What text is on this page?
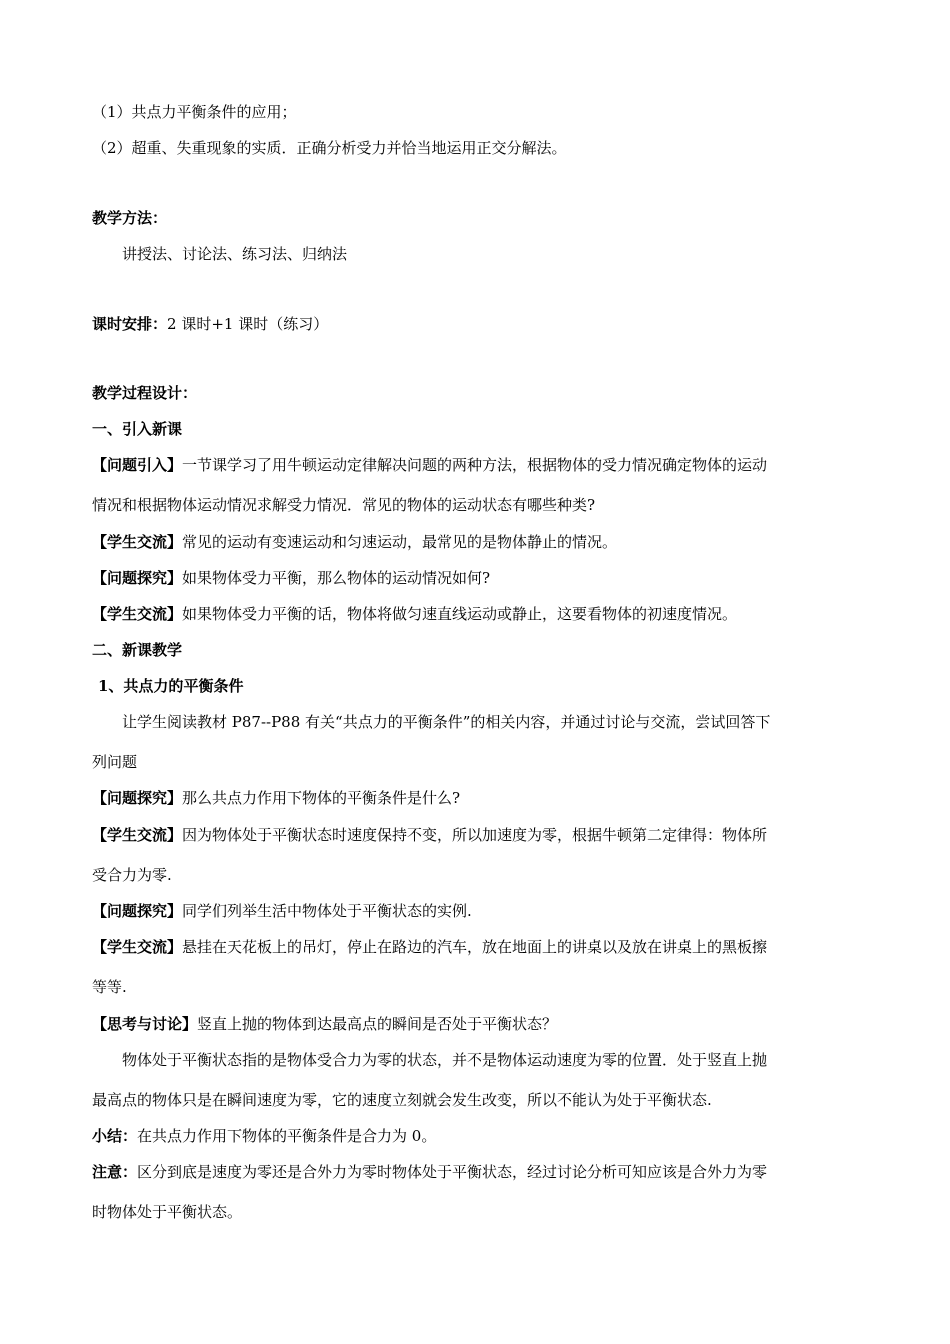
（1）共点力平衡条件的应用；
（2）超重、失重现象的实质．正确分析受力并恰当地运用正交分解法。
教学方法：
讲授法、讨论法、练习法、归纳法
课时安排：2 课时+1 课时（练习）
教学过程设计：
一、引入新课
【问题引入】一节课学习了用牛顿运动定律解决问题的两种方法，根据物体的受力情况确定物体的运动
情况和根据物体运动情况求解受力情况．常见的物体的运动状态有哪些种类?
【学生交流】常见的运动有变速运动和匀速运动，最常见的是物体静止的情况。
【问题探究】如果物体受力平衡，那么物体的运动情况如何?
【学生交流】如果物体受力平衡的话，物体将做匀速直线运动或静止，这要看物体的初速度情况。
二、新课教学
1、共点力的平衡条件
让学生阅读教材 P87--P88 有关“共点力的平衡条件”的相关内容，并通过讨论与交流，尝试回答下
列问题
【问题探究】那么共点力作用下物体的平衡条件是什么?
【学生交流】因为物体处于平衡状态时速度保持不变，所以加速度为零，根据牛顿第二定律得：物体所
受合力为零.
【问题探究】同学们列举生活中物体处于平衡状态的实例.
【学生交流】悬挂在天花板上的吊灯，停止在路边的汽车，放在地面上的讲桌以及放在讲桌上的黑板擦
等等.
【思考与讨论】竖直上抛的物体到达最高点的瞬间是否处于平衡状态？
物体处于平衡状态指的是物体受合力为零的状态，并不是物体运动速度为零的位置．处于竖直上抛
最高点的物体只是在瞬间速度为零，它的速度立刻就会发生改变，所以不能认为处于平衡状态.
小结：在共点力作用下物体的平衡条件是合力为 0。
注意：区分到底是速度为零还是合外力为零时物体处于平衡状态，经过讨论分析可知应该是合外力为零
时物体处于平衡状态。
